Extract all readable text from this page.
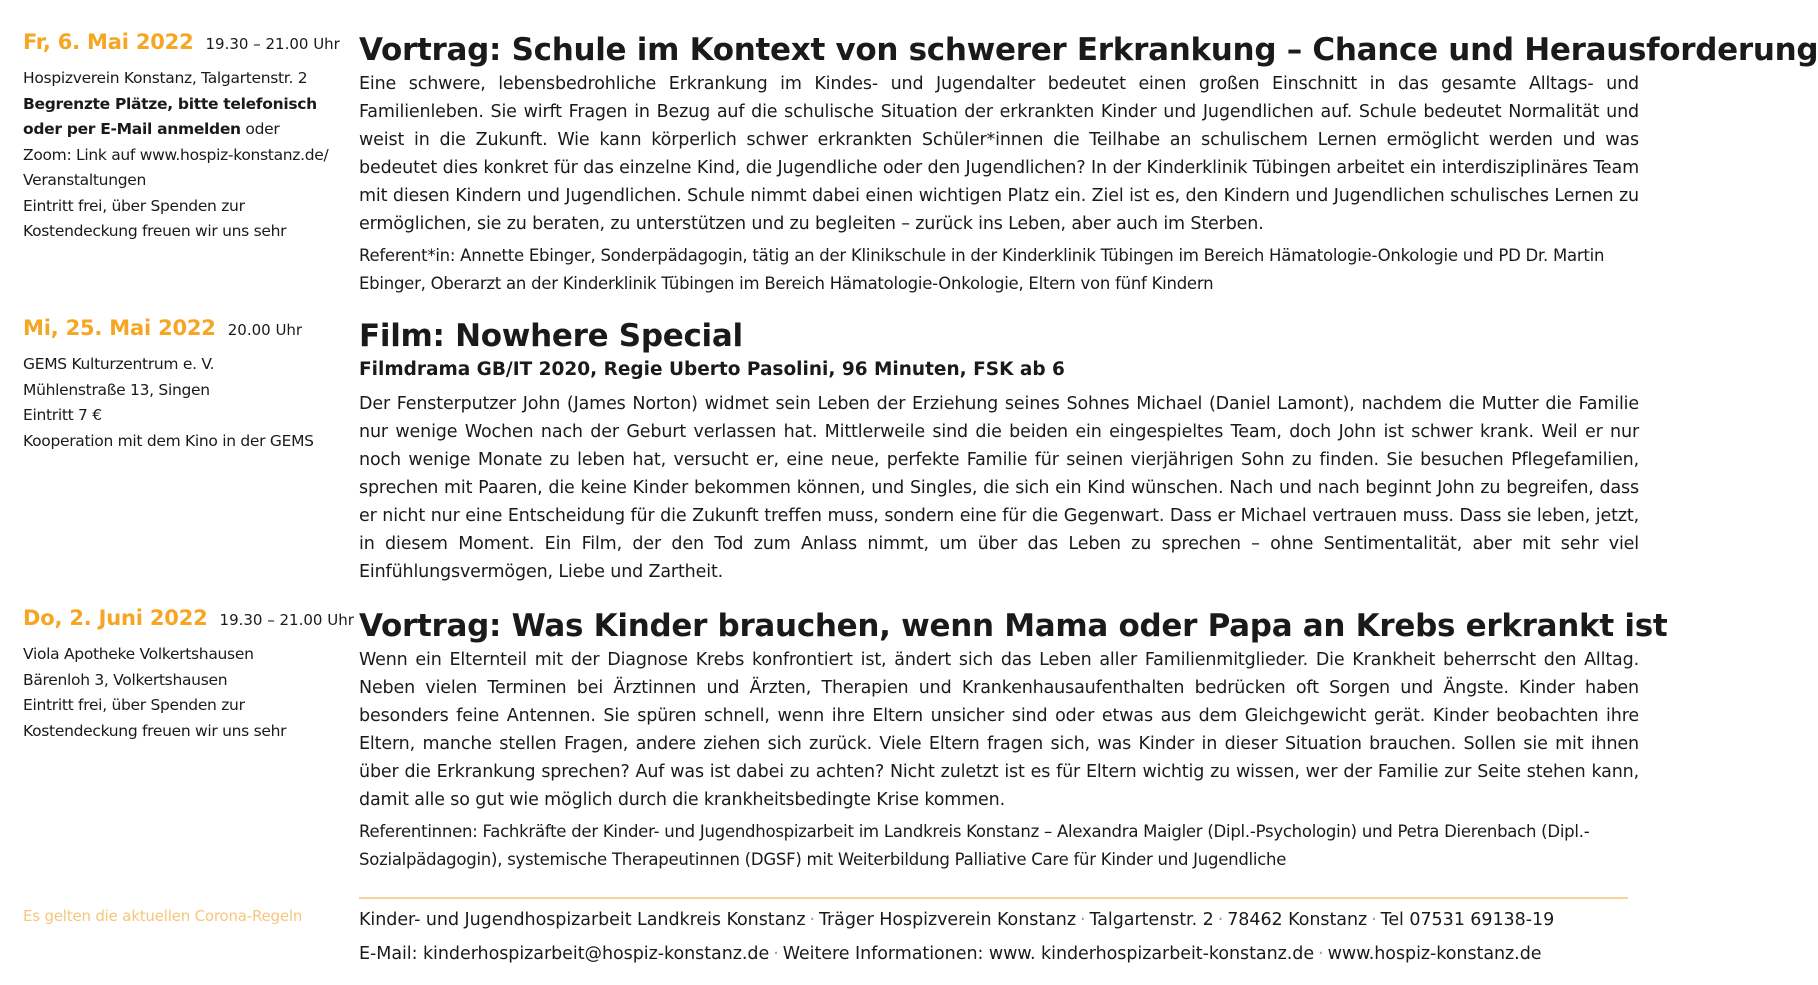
Fr, 6. Mai 2022 19.30 – 21.00 Uhr

Hospizverein Konstanz, Talgartenstr. 2

Begrenzte Plätze, bitte telefonisch oder per E-Mail anmelden oder

Zoom: Link auf www.hospiz-konstanz.de/ Veranstaltungen

Eintritt frei, über Spenden zur Kostendeckung freuen wir uns sehr

Vortrag: Schule im Kontext von schwerer Erkrankung – Chance und Herausforderung

Eine schwere, lebensbedrohliche Erkrankung im Kindes- und Jugendalter bedeutet einen großen Einschnitt in das gesamte Alltags- und Familienleben. Sie wirft Fragen in Bezug auf die schulische Situation der erkrankten Kinder und Jugendlichen auf. Schule bedeutet Normalität und weist in die Zukunft. Wie kann körperlich schwer erkrankten Schüler*innen die Teilhabe an schulischem Lernen ermöglicht werden und was bedeutet dies konkret für das einzelne Kind, die Jugendliche oder den Jugendlichen? In der Kinderklinik Tübingen arbeitet ein interdisziplinäres Team mit diesen Kindern und Jugendlichen. Schule nimmt dabei einen wichtigen Platz ein. Ziel ist es, den Kindern und Jugendlichen schulisches Lernen zu ermöglichen, sie zu beraten, zu unterstützen und zu begleiten – zurück ins Leben, aber auch im Sterben.

Referent*in: Annette Ebinger, Sonderpädagogin, tätig an der Klinikschule in der Kinderklinik Tübingen im Bereich Hämatologie-Onkologie und PD Dr. Martin Ebinger, Oberarzt an der Kinderklinik Tübingen im Bereich Hämatologie-Onkologie, Eltern von fünf Kindern

Mi, 25. Mai 2022 20.00 Uhr

GEMS Kulturzentrum e. V.

Mühlenstraße 13, Singen

Eintritt 7 €

Kooperation mit dem Kino in der GEMS

Film: Nowhere Special

Filmdrama GB/IT 2020, Regie Uberto Pasolini, 96 Minuten, FSK ab 6

Der Fensterputzer John (James Norton) widmet sein Leben der Erziehung seines Sohnes Michael (Daniel Lamont), nachdem die Mutter die Familie nur wenige Wochen nach der Geburt verlassen hat. Mittlerweile sind die beiden ein eingespieltes Team, doch John ist schwer krank. Weil er nur noch wenige Monate zu leben hat, versucht er, eine neue, perfekte Familie für seinen vierjährigen Sohn zu finden. Sie besuchen Pflegefamilien, sprechen mit Paaren, die keine Kinder bekommen können, und Singles, die sich ein Kind wünschen. Nach und nach beginnt John zu begreifen, dass er nicht nur eine Entscheidung für die Zukunft treffen muss, sondern eine für die Gegenwart. Dass er Michael vertrauen muss. Dass sie leben, jetzt, in diesem Moment. Ein Film, der den Tod zum Anlass nimmt, um über das Leben zu sprechen – ohne Sentimentalität, aber mit sehr viel Einfühlungsvermögen, Liebe und Zartheit.

Do, 2. Juni 2022 19.30 – 21.00 Uhr

Viola Apotheke Volkertshausen

Bärenloh 3, Volkertshausen

Eintritt frei, über Spenden zur Kostendeckung freuen wir uns sehr

Vortrag: Was Kinder brauchen, wenn Mama oder Papa an Krebs erkrankt ist

Wenn ein Elternteil mit der Diagnose Krebs konfrontiert ist, ändert sich das Leben aller Familienmitglieder. Die Krankheit beherrscht den Alltag. Neben vielen Terminen bei Ärztinnen und Ärzten, Therapien und Krankenhausaufenthalten bedrücken oft Sorgen und Ängste. Kinder haben besonders feine Antennen. Sie spüren schnell, wenn ihre Eltern unsicher sind oder etwas aus dem Gleichgewicht gerät. Kinder beobachten ihre Eltern, manche stellen Fragen, andere ziehen sich zurück. Viele Eltern fragen sich, was Kinder in dieser Situation brauchen. Sollen sie mit ihnen über die Erkrankung sprechen? Auf was ist dabei zu achten? Nicht zuletzt ist es für Eltern wichtig zu wissen, wer der Familie zur Seite stehen kann, damit alle so gut wie möglich durch die krankheitsbedingte Krise kommen.

Referentinnen: Fachkräfte der Kinder- und Jugendhospizarbeit im Landkreis Konstanz – Alexandra Maigler (Dipl.-Psychologin) und Petra Dierenbach (Dipl.-Sozialpädagogin), systemische Therapeutinnen (DGSF) mit Weiterbildung Palliative Care für Kinder und Jugendliche

Es gelten die aktuellen Corona-Regeln	Kinder- und Jugendhospizarbeit Landkreis Konstanz · Träger Hospizverein Konstanz · Talgartenstr. 2 · 78462 Konstanz · Tel 07531 69138-19

E-Mail: kinderhospizarbeit@hospiz-konstanz.de · Weitere Informationen: www. kinderhospizarbeit-konstanz.de · www.hospiz-konstanz.de
